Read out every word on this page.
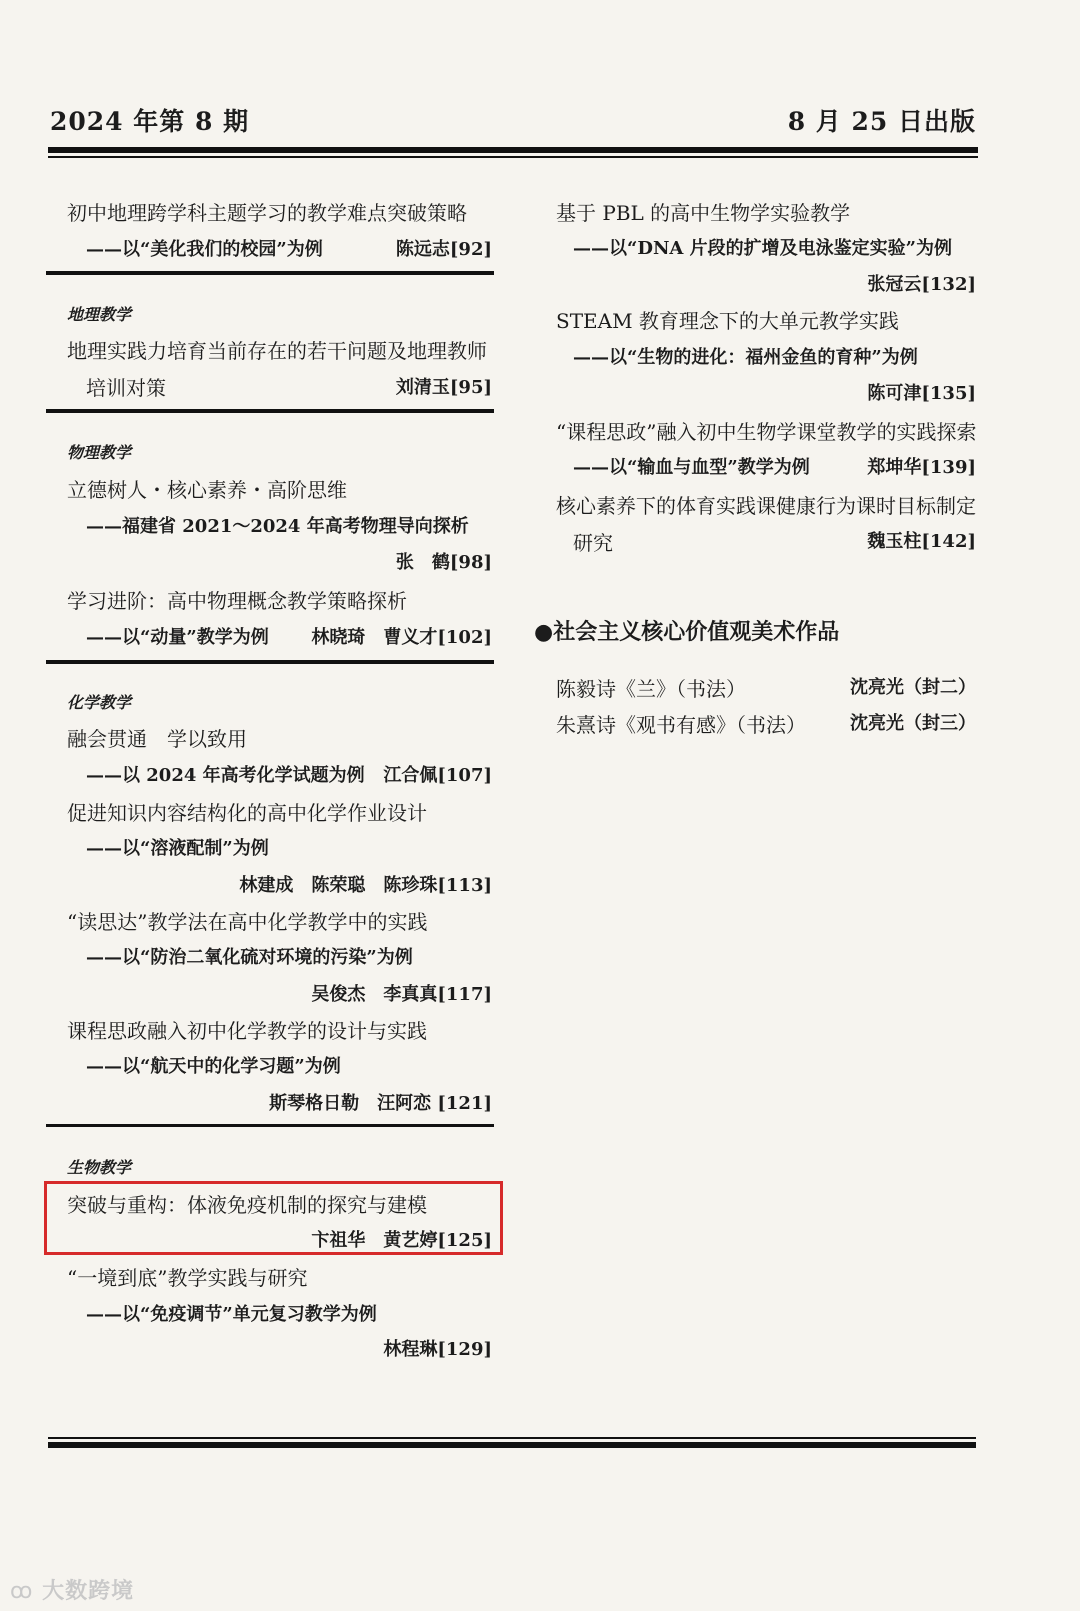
2024 年第 8 期	8 月 25 日出版
初中地理跨学科主题学习的教学难点突破策略
——以“美化我们的校园”为例	陈远志[92]
地理教学
地理实践力培育当前存在的若干问题及地理教师
培训对策	刘清玉[95]
物理教学
立德树人・核心素养・高阶思维
——福建省 2021～2024 年高考物理导向探析
张　鹤[98]
学习进阶：高中物理概念教学策略探析
——以“动量”教学为例 林晓琦　曹义才[102]
化学教学
融会贯通　学以致用
——以 2024 年高考化学试题为例 江合佩[107]
促进知识内容结构化的高中化学作业设计
——以“溶液配制”为例
林建成　陈荣聪　陈珍珠[113]
“读思达”教学法在高中化学教学中的实践
——以“防治二氧化硫对环境的污染”为例
吴俊杰　李真真[117]
课程思政融入初中化学教学的设计与实践
——以“航天中的化学习题”为例
斯琴格日勒　汪阿恋 [121]
生物教学
突破与重构：体液免疫机制的探究与建模
卞祖华　黄艺婷[125]
“一境到底”教学实践与研究
——以“免疫调节”单元复习教学为例
林程琳[129]
基于 PBL 的高中生物学实验教学
——以“DNA 片段的扩增及电泳鉴定实验”为例
张冠云[132]
STEAM 教育理念下的大单元教学实践
——以“生物的进化：福州金鱼的育种”为例
陈可津[135]
“课程思政”融入初中生物学课堂教学的实践探索
——以“输血与血型”教学为例	郑坤华[139]
核心素养下的体育实践课健康行为课时目标制定
研究	魏玉柱[142]
●社会主义核心价值观美术作品
陈毅诗《兰》（书法）	沈亮光（封二）
朱熹诗《观书有感》（书法） 沈亮光（封三）
ꝏ 大数跨境
